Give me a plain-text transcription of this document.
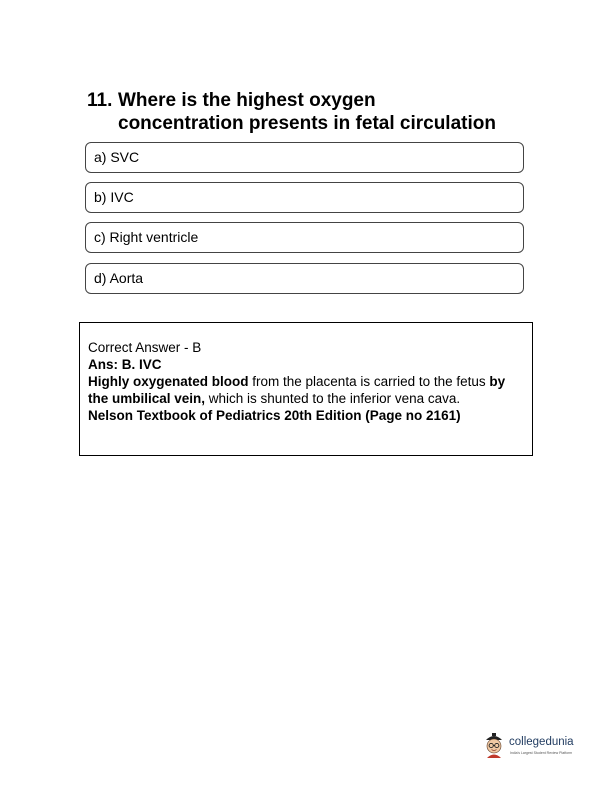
11. Where is the highest oxygen
concentration presents in fetal circulation
a) SVC
b) IVC
c) Right ventricle
d) Aorta
Correct Answer - B
Ans: B. IVC
Highly oxygenated blood from the placenta is carried to the fetus by the umbilical vein, which is shunted to the inferior vena cava.
Nelson Textbook of Pediatrics 20th Edition (Page no 2161)
collegedunia
India's Largest Student Review Platform
